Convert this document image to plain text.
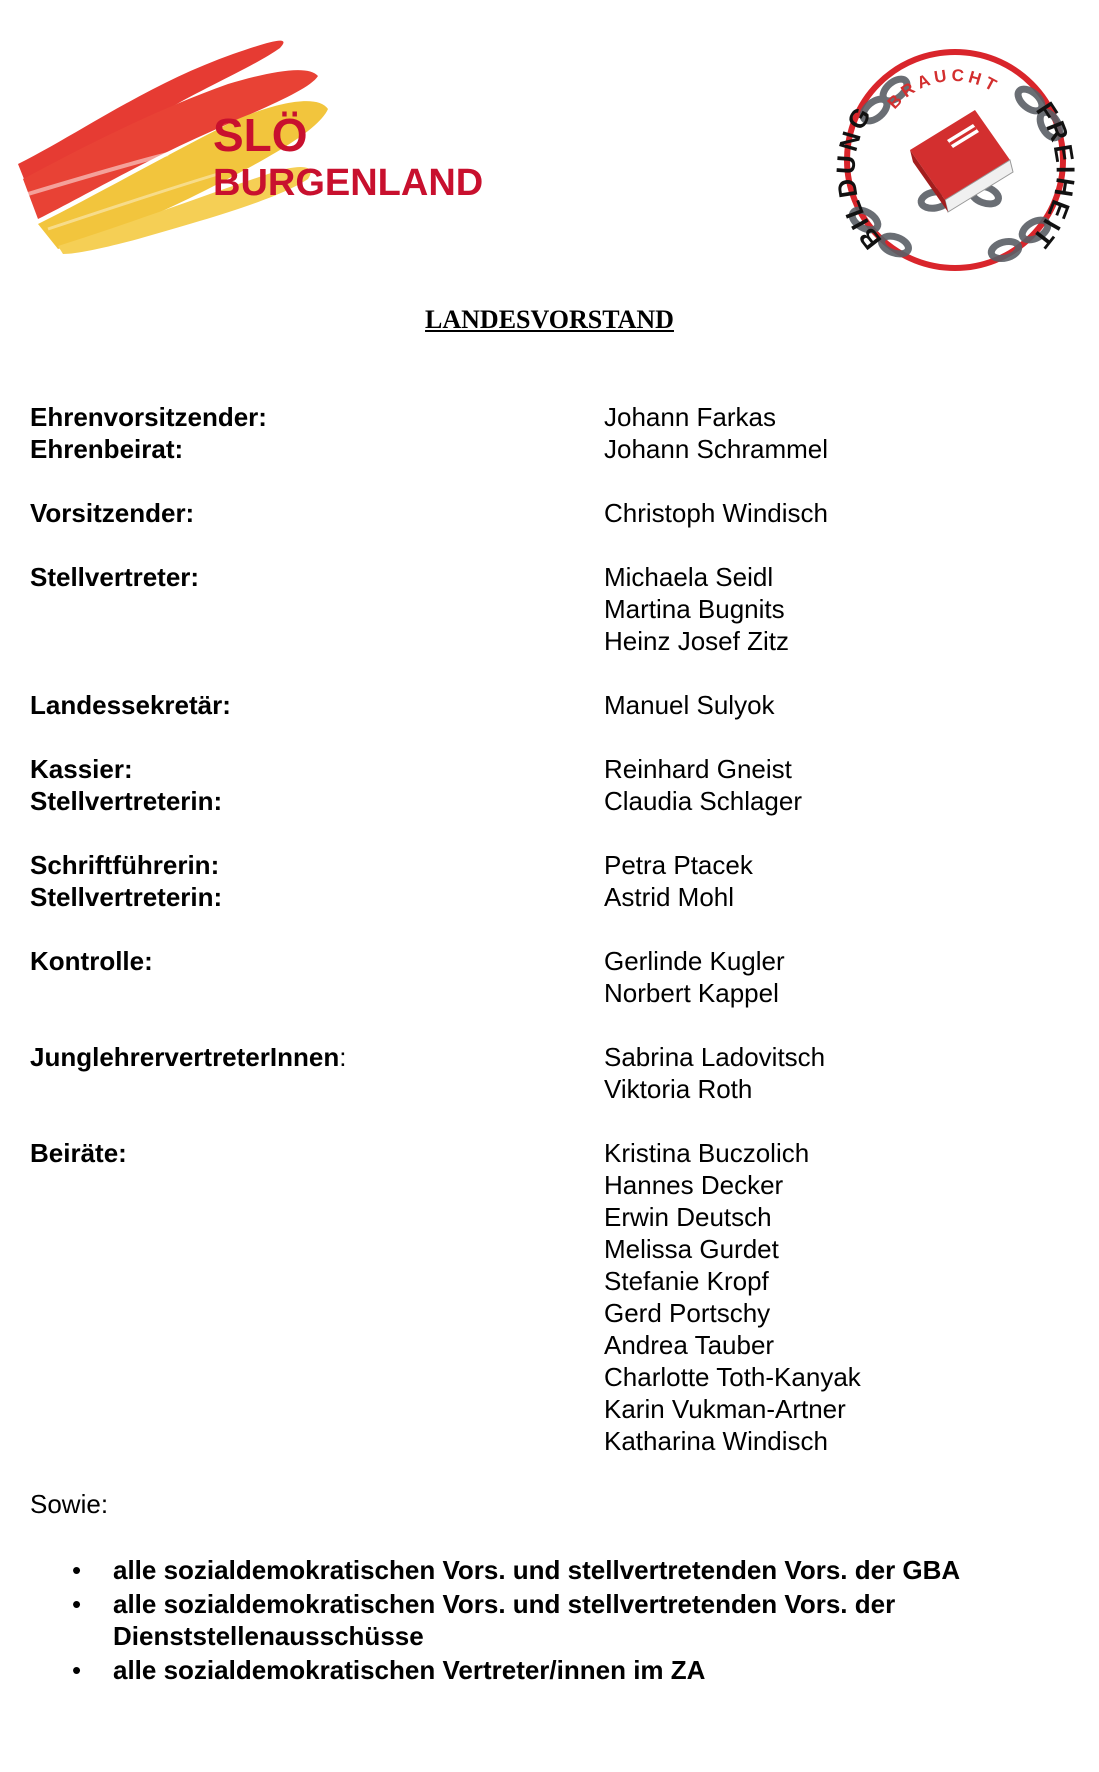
SLÖ
BURGENLAND
BRAUCHT
BIL NG	FR EIT
LANDESVORSTAND
Ehrenvorsitzender:	Johann Farkas
Ehrenbeirat:	Johann Schrammel
Vorsitzender:	Christoph Windisch
Stellvertreter:	Michaela Seidl
Martina Bugnits
Heinz Josef Zitz
Landessekretär:	Manuel Sulyok
Kassier:	Reinhard Gneist
Stellvertreterin:	Claudia Schlager
Schriftführerin:	Petra Ptacek
Stellvertreterin:	Astrid Mohl
Kontrolle:	Gerlinde Kugler
Norbert Kappel
JunglehrervertreterInnen:	Sabrina Ladovitsch
Viktoria Roth
Beiräte:	Kristina Buczolich
Hannes Decker
Erwin Deutsch
Melissa Gurdet
Stefanie Kropf
Gerd Portschy
Andrea Tauber
Charlotte Toth-Kanyak
Karin Vukman-Artner
Katharina Windisch
Sowie:
• alle sozialdemokratischen Vors. und stellvertretenden Vors. der GBA
• alle sozialdemokratischen Vors. und stellvertretenden Vors. der Dienststellenausschüsse
• alle sozialdemokratischen Vertreter/innen im ZA
